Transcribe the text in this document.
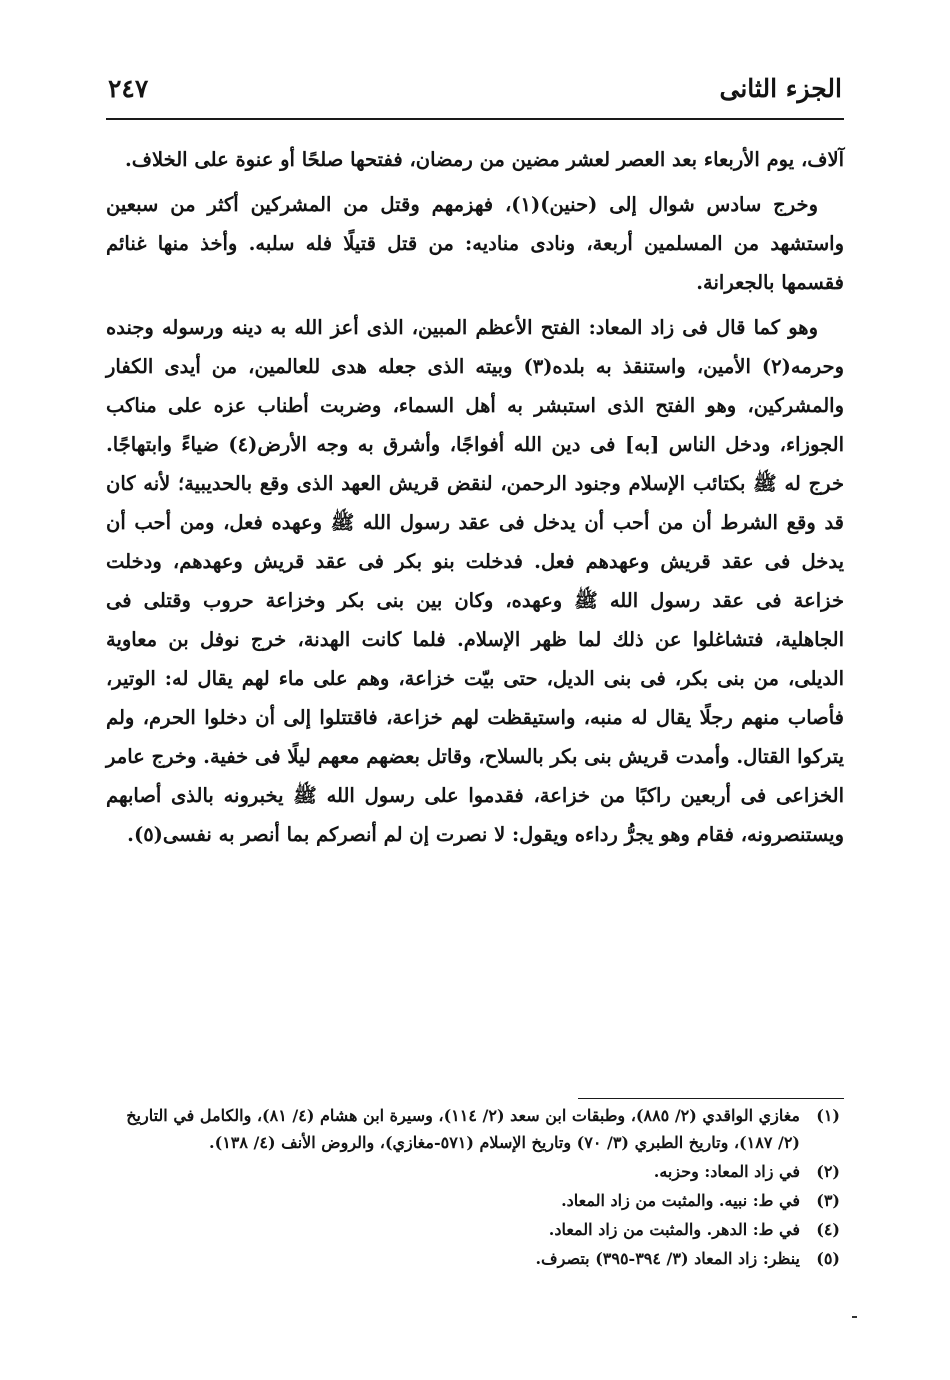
الجزء الثانى
٢٤٧

آلاف، يوم الأربعاء بعد العصر لعشر مضين من رمضان، ففتحها صلحًا أو عنوة على الخلاف.

وخرج سادس شوال إلى (حنين)(١)، فهزمهم وقتل من المشركين أكثر من سبعين واستشهد من المسلمين أربعة، ونادى مناديه: من قتل قتيلًا فله سلبه. وأخذ منها غنائم فقسمها بالجعرانة.

وهو كما قال فى زاد المعاد: الفتح الأعظم المبين، الذى أعز الله به دينه ورسوله وجنده وحرمه(٢) الأمين، واستنقذ به بلده(٣) وبيته الذى جعله هدى للعالمين، من أيدى الكفار والمشركين، وهو الفتح الذى استبشر به أهل السماء، وضربت أطناب عزه على مناكب الجوزاء، ودخل الناس [به] فى دين الله أفواجًا، وأشرق به وجه الأرض(٤) ضياءً وابتهاجًا. خرج له ﷺ بكتائب الإسلام وجنود الرحمن، لنقض قريش العهد الذى وقع بالحديبية؛ لأنه كان قد وقع الشرط أن من أحب أن يدخل فى عقد رسول الله ﷺ وعهده فعل، ومن أحب أن يدخل فى عقد قريش وعهدهم فعل. فدخلت بنو بكر فى عقد قريش وعهدهم، ودخلت خزاعة فى عقد رسول الله ﷺ وعهده، وكان بين بنى بكر وخزاعة حروب وقتلى فى الجاهلية، فتشاغلوا عن ذلك لما ظهر الإسلام. فلما كانت الهدنة، خرج نوفل بن معاوية الديلى، من بنى بكر، فى بنى الديل، حتى بيّت خزاعة، وهم على ماء لهم يقال له: الوتير، فأصاب منهم رجلًا يقال له منبه، واستيقظت لهم خزاعة، فاقتتلوا إلى أن دخلوا الحرم، ولم يتركوا القتال. وأمدت قريش بنى بكر بالسلاح، وقاتل بعضهم معهم ليلًا فى خفية. وخرج عامر الخزاعى فى أربعين راكبًا من خزاعة، فقدموا على رسول الله ﷺ يخبرونه بالذى أصابهم ويستنصرونه، فقام وهو يجرُّ رداءه ويقول: لا نصرت إن لم أنصركم بما أنصر به نفسى(٥).

(١)
مغازي الواقدي (٢/ ٨٨٥)، وطبقات ابن سعد (٢/ ١١٤)، وسيرة ابن هشام (٤/ ٨١)، والكامل في التاريخ (٢/ ١٨٧)، وتاريخ الطبري (٣/ ٧٠) وتاريخ الإسلام (٥٧١-مغازي)، والروض الأنف (٤/ ١٣٨).
(٢)
في زاد المعاد: وحزبه.
(٣)
في ط: نبيه. والمثبت من زاد المعاد.
(٤)
في ط: الدهر. والمثبت من زاد المعاد.
(٥)
ينظر: زاد المعاد (٣/ ٣٩٤-٣٩٥) بتصرف.
